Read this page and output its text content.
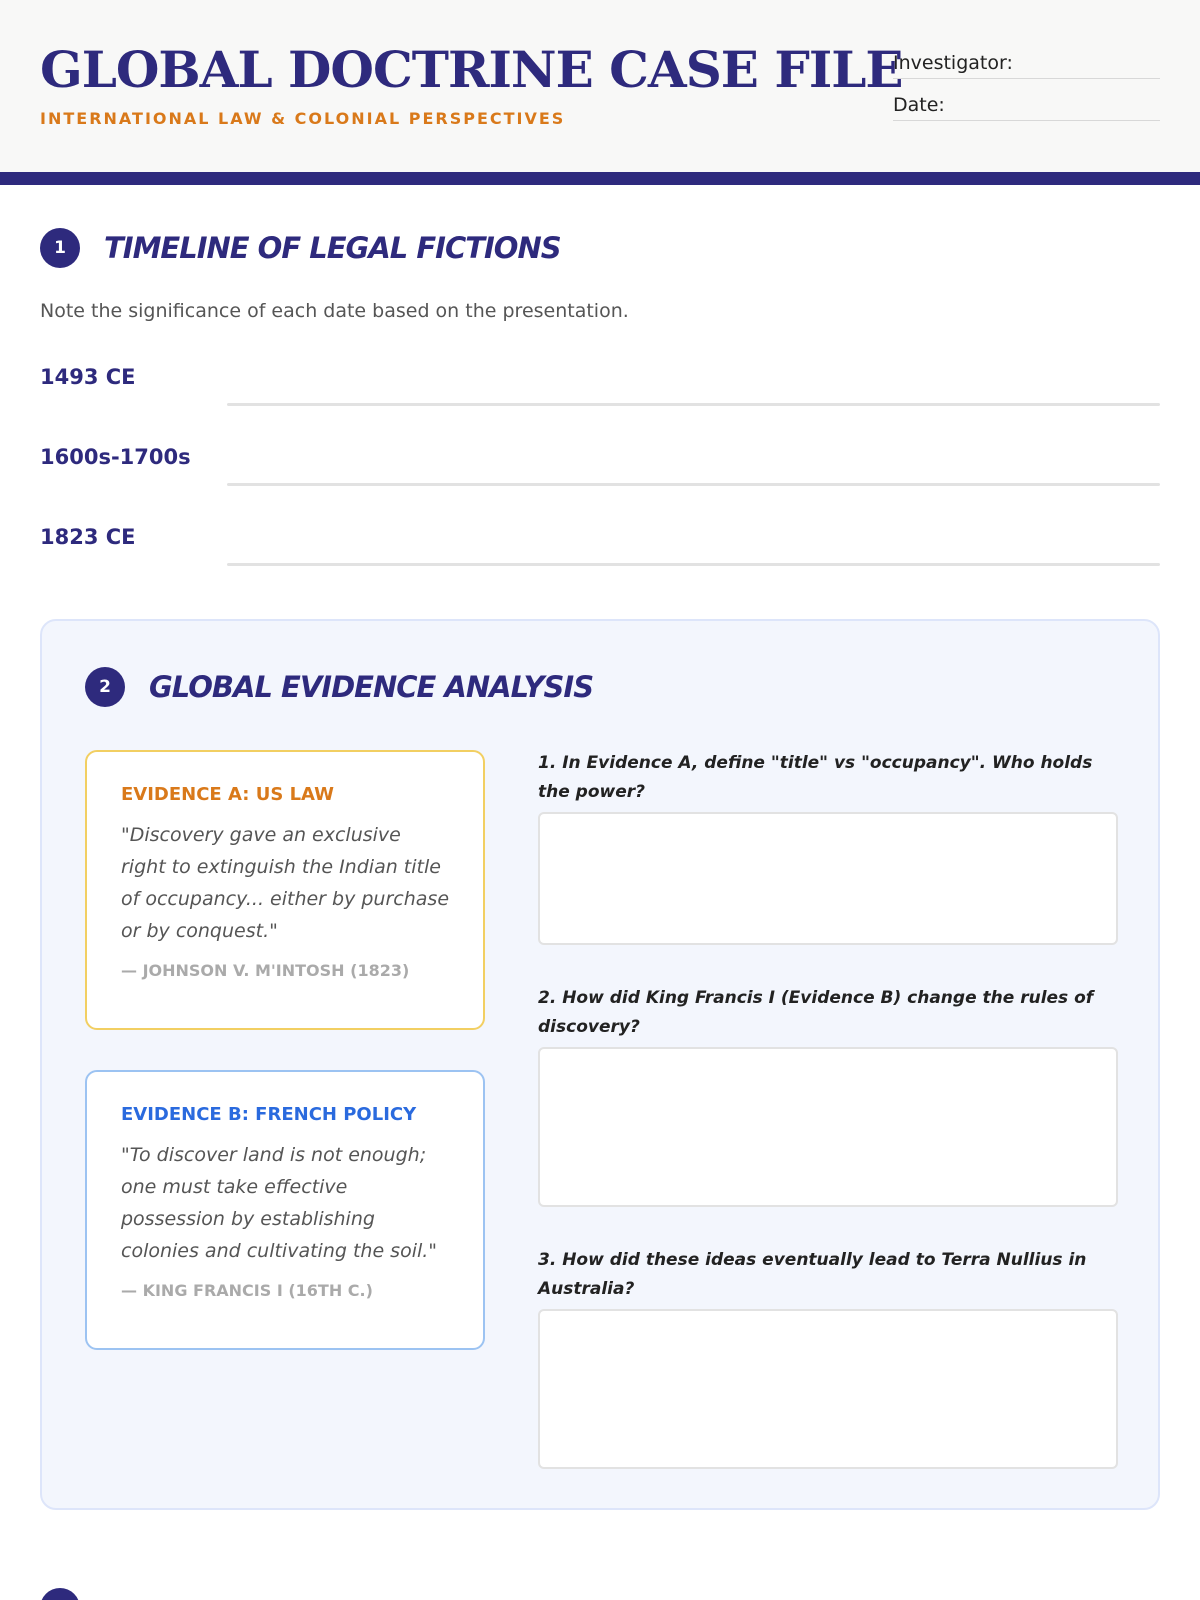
GLOBAL DOCTRINE CASE FILE
INTERNATIONAL LAW & COLONIAL PERSPECTIVES
Investigator:
Date:
1	TIMELINE OF LEGAL FICTIONS
Note the significance of each date based on the presentation.
1493 CE
1600s-1700s
1823 CE
2	GLOBAL EVIDENCE ANALYSIS
EVIDENCE A: US LAW
"Discovery gave an exclusive right to extinguish the Indian title of occupancy... either by purchase or by conquest."
— JOHNSON V. M'INTOSH (1823)
EVIDENCE B: FRENCH POLICY
"To discover land is not enough; one must take effective possession by establishing colonies and cultivating the soil."
— KING FRANCIS I (16TH C.)
1. In Evidence A, define "title" vs "occupancy". Who holds the power?
2. How did King Francis I (Evidence B) change the rules of discovery?
3. How did these ideas eventually lead to Terra Nullius in Australia?
